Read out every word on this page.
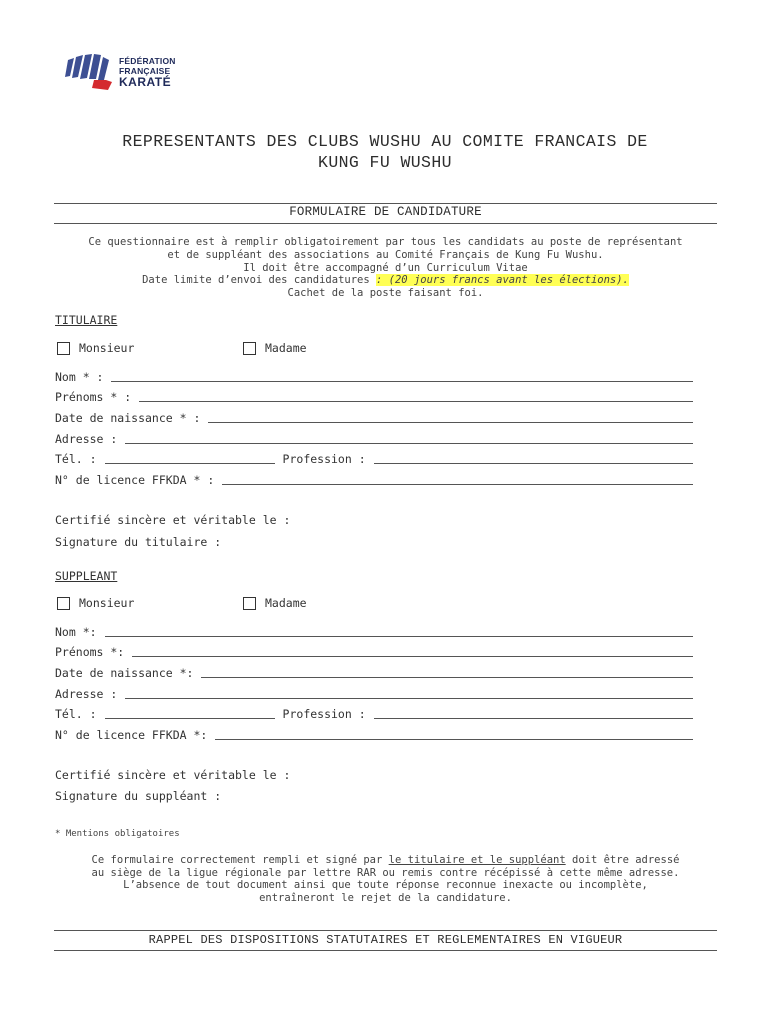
FÉDÉRATION
FRANÇAISE
KARATÉ
REPRESENTANTS DES CLUBS WUSHU AU COMITE FRANCAIS DE
KUNG FU WUSHU
FORMULAIRE DE CANDIDATURE
Ce questionnaire est à remplir obligatoirement par tous les candidats au poste de représentant
et de suppléant des associations au Comité Français de Kung Fu Wushu.
Il doit être accompagné d’un Curriculum Vitae
Date limite d’envoi des candidatures : (20 jours francs avant les élections).
Cachet de la poste faisant foi.
TITULAIRE
Monsieur	Madame
Nom * :
Prénoms * :
Date de naissance * :
Adresse :
Tél. :	Profession :
N° de licence FFKDA * :
Certifié sincère et véritable le :
Signature du titulaire :
SUPPLEANT
Monsieur	Madame
Nom *:
Prénoms *:
Date de naissance *:
Adresse :
Tél. :	Profession :
N° de licence FFKDA *:
Certifié sincère et véritable le :
Signature du suppléant :
* Mentions obligatoires
Ce formulaire correctement rempli et signé par le titulaire et le suppléant doit être adressé
au siège de la ligue régionale par lettre RAR ou remis contre récépissé à cette même adresse.
L’absence de tout document ainsi que toute réponse reconnue inexacte ou incomplète,
entraîneront le rejet de la candidature.
RAPPEL DES DISPOSITIONS STATUTAIRES ET REGLEMENTAIRES EN VIGUEUR
